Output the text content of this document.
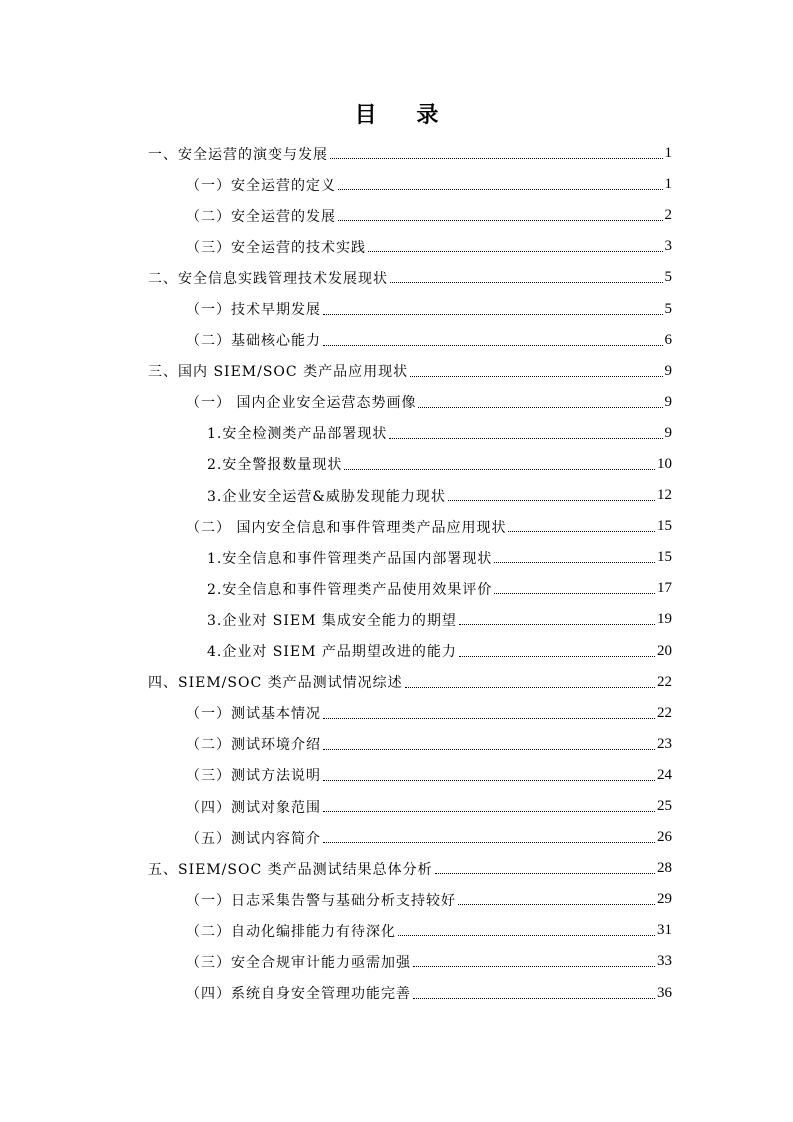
目 录
一、安全运营的演变与发展	1
（一）安全运营的定义	1
（二）安全运营的发展	2
（三）安全运营的技术实践	3
二、安全信息实践管理技术发展现状	5
（一）技术早期发展	5
（二）基础核心能力	6
三、国内 SIEM/SOC 类产品应用现状	9
（一） 国内企业安全运营态势画像	9
1.安全检测类产品部署现状	9
2.安全警报数量现状	10
3.企业安全运营&威胁发现能力现状	12
（二） 国内安全信息和事件管理类产品应用现状	15
1.安全信息和事件管理类产品国内部署现状	15
2.安全信息和事件管理类产品使用效果评价	17
3.企业对 SIEM 集成安全能力的期望	19
4.企业对 SIEM 产品期望改进的能力	20
四、SIEM/SOC 类产品测试情况综述	22
（一）测试基本情况	22
（二）测试环境介绍	23
（三）测试方法说明	24
（四）测试对象范围	25
（五）测试内容简介	26
五、SIEM/SOC 类产品测试结果总体分析	28
（一）日志采集告警与基础分析支持较好	29
（二）自动化编排能力有待深化	31
（三）安全合规审计能力亟需加强	33
（四）系统自身安全管理功能完善	36
